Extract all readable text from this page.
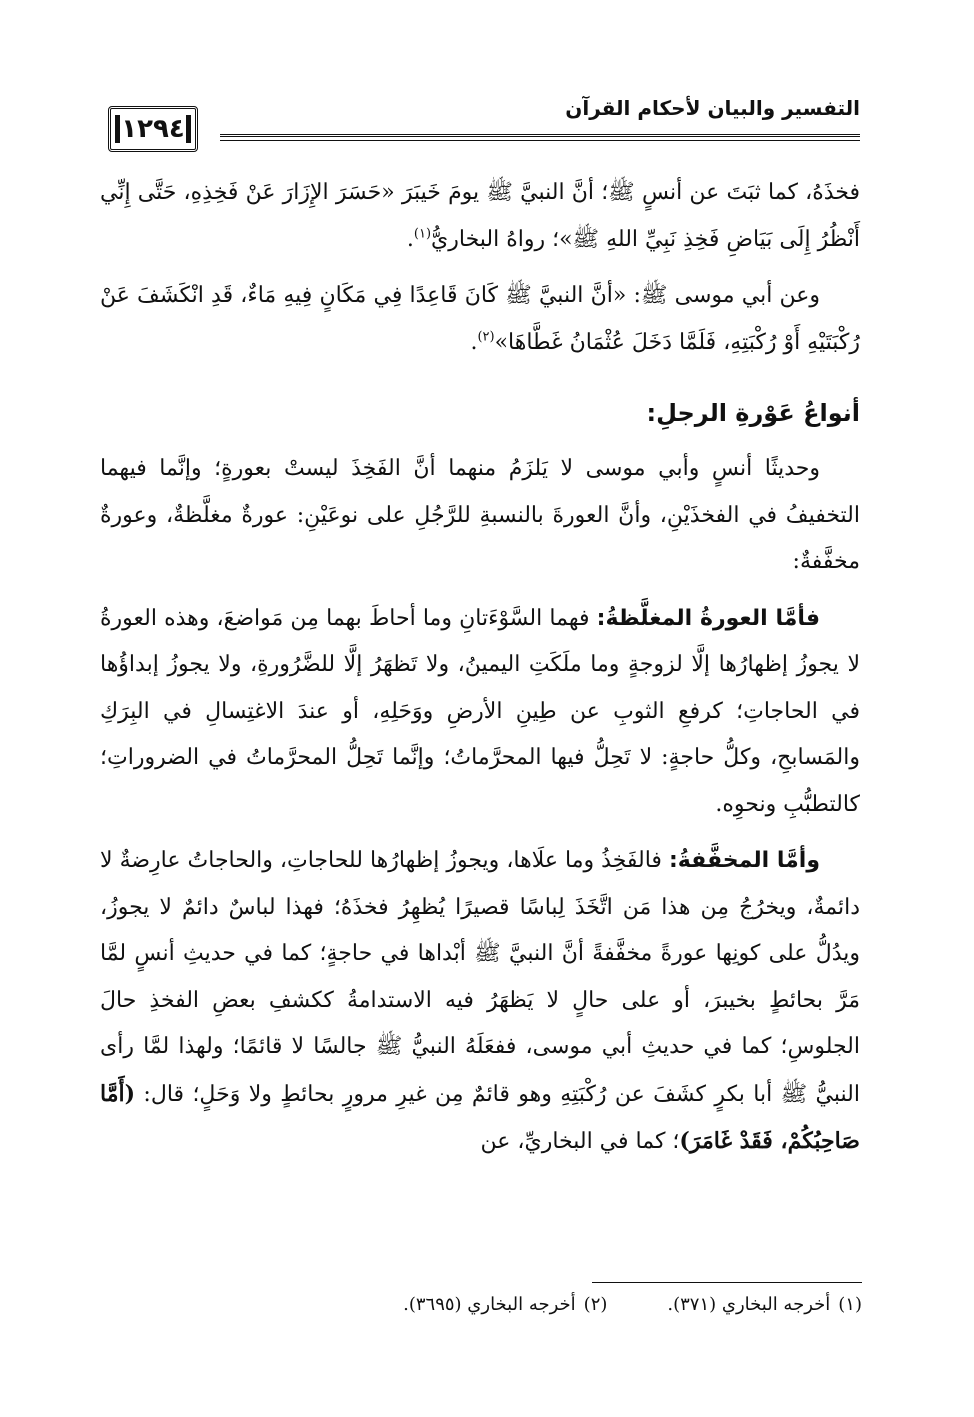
التفسير والبيان لأحكام القرآن
١٢٩٤

فخذَهُ، كما ثبَتَ عن أنسٍ ﷺ؛ أنَّ النبيَّ ﷺ يومَ خَيبَرَ «حَسَرَ الإِزَارَ عَنْ فَخِذِهِ، حَتَّى إِنِّي أَنْظُرُ إِلَى بَيَاضِ فَخِذِ نَبِيِّ اللهِ ﷺ»؛ رواهُ البخاريُّ$^{(١)}$.

وعن أبي موسى ﷺ: «أنَّ النبيَّ ﷺ كَانَ قَاعِدًا فِي مَكَانٍ فِيهِ مَاءٌ، قَدِ انْكَشَفَ عَنْ رُكْبَتَيْهِ أَوْ رُكْبَتِهِ، فَلَمَّا دَخَلَ عُثْمَانُ غَطَّاهَا»$^{(٢)}$.

أنواعُ عَوْرةِ الرجلِ:

وحديثًا أنسٍ وأبي موسى لا يَلزَمُ منهما أنَّ الفَخِذَ ليستْ بعورةٍ؛ وإنَّما فيهما التخفيفُ في الفخذَيْنِ، وأنَّ العورةَ بالنسبةِ للرَّجُلِ على نوعَيْنِ: عورةٌ مغلَّظةٌ، وعورةٌ مخفَّفةٌ:

فأمَّا العورةُ المغلَّظةُ: فهما السَّوْءَتانِ وما أحاطَ بهما مِن مَواضعَ، وهذه العورةُ لا يجوزُ إظهارُها إلَّا لزوجةٍ وما ملَكَتِ اليمينُ، ولا تَظهَرُ إلَّا للضَّرُورةِ، ولا يجوزُ إبداؤُها في الحاجاتِ؛ كرفعِ الثوبِ عن طِينِ الأرضِ ووَحَلِهِ، أو عندَ الاغتِسالِ في البِرَكِ والمَسابحِ، وكلُّ حاجةٍ: لا تَحِلُّ فيها المحرَّماتُ؛ وإنَّما تَحِلُّ المحرَّماتُ في الضروراتِ؛ كالتطبُّبِ ونحوِه.

وأمَّا المخفَّفةُ: فالفَخِذُ وما علَاها، ويجوزُ إظهارُها للحاجاتِ، والحاجاتُ عارِضةٌ لا دائمةٌ، ويخرُجُ مِن هذا مَن اتَّخَذَ لِباسًا قصيرًا يُظهِرُ فخذَهُ؛ فهذا لباسٌ دائمٌ لا يجوزُ، ويدُلُّ على كونِها عورةً مخفَّفةً أنَّ النبيَّ ﷺ أبْداها في حاجةٍ؛ كما في حديثِ أنسٍ لمَّا مَرَّ بحائطٍ بخيبرَ، أو على حالٍ لا يَظهَرُ فيه الاستدامةُ ككشفِ بعضِ الفخذِ حالَ الجلوسِ؛ كما في حديثِ أبي موسى، ففعَلَهُ النبيُّ ﷺ جالسًا لا قائمًا؛ ولهذا لمَّا رأى النبيُّ ﷺ أبا بكرٍ كشَفَ عن رُكْبَتِهِ وهو قائمٌ مِن غيرِ مرورٍ بحائطٍ ولا وَحَلٍ؛ قال: (أَمَّا صَاحِبُكُمْ، فَقَدْ غَامَرَ)؛ كما في البخاريِّ، عن

(١)أخرجه البخاري (٣٧١).
(٢)أخرجه البخاري (٣٦٩٥).
